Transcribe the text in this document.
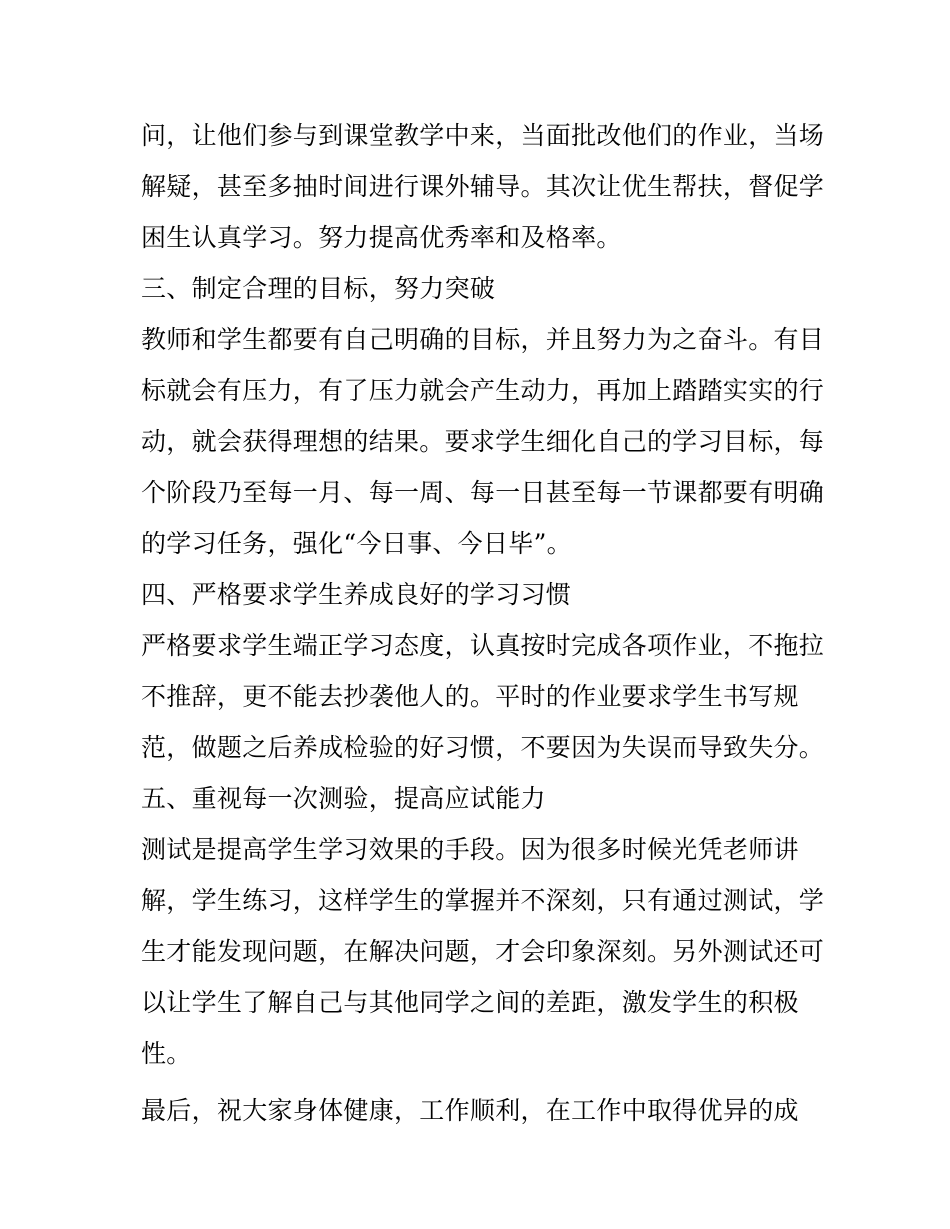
问，让他们参与到课堂教学中来，当面批改他们的作业，当场
解疑，甚至多抽时间进行课外辅导。其次让优生帮扶，督促学
困生认真学习。努力提高优秀率和及格率。
三、制定合理的目标，努力突破
教师和学生都要有自己明确的目标，并且努力为之奋斗。有目
标就会有压力，有了压力就会产生动力，再加上踏踏实实的行
动，就会获得理想的结果。要求学生细化自己的学习目标，每
个阶段乃至每一月、每一周、每一日甚至每一节课都要有明确
的学习任务，强化“今日事、今日毕”。
四、严格要求学生养成良好的学习习惯
严格要求学生端正学习态度，认真按时完成各项作业，不拖拉
不推辞，更不能去抄袭他人的。平时的作业要求学生书写规
范，做题之后养成检验的好习惯，不要因为失误而导致失分。
五、重视每一次测验，提高应试能力
测试是提高学生学习效果的手段。因为很多时候光凭老师讲
解，学生练习，这样学生的掌握并不深刻，只有通过测试，学
生才能发现问题，在解决问题，才会印象深刻。另外测试还可
以让学生了解自己与其他同学之间的差距，激发学生的积极
性。
最后，祝大家身体健康，工作顺利，在工作中取得优异的成
